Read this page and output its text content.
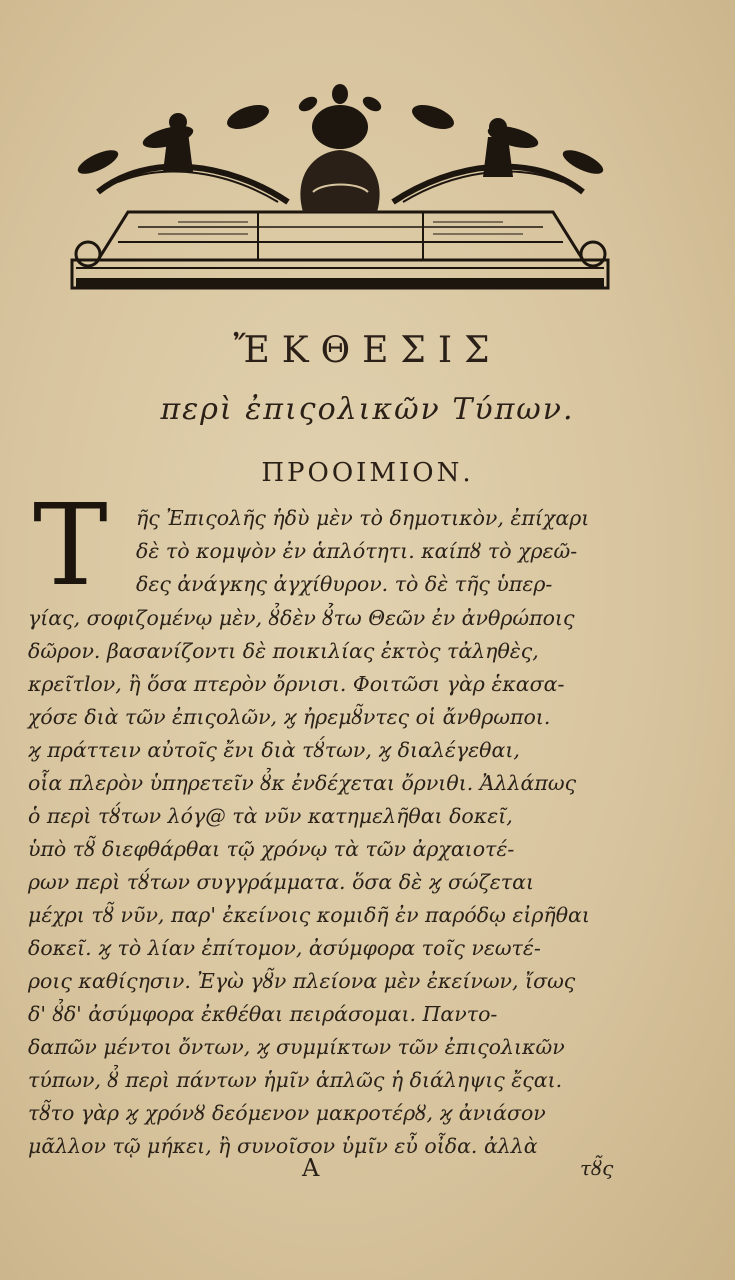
ἜΚΘΕΣΙΣ
περὶ ἐπιςολικῶν Τύπων.
ΠΡΟΟΙΜΙΟΝ.
T ῆς Ἐπιςολῆς ἡδὺ μὲν τὸ δημοτικὸν, ἐπίχαρι
δὲ τὸ κομψὸν ἐν ἁπλότητι. καίπȣ τὸ χρεῶ-
δες ἀνάγκης ἀγχίθυρον. τὸ δὲ τῆς ὑπερ-
γίας, σοφιζομένῳ μὲν, ȣ̉δὲν ȣ̉́τω Θεῶν ἐν ἀνθρώποις
δῶρον. βασανίζοντι δὲ ποικιλίας ἐκτὸς τἀληθὲς,
κρεῖτlον, ἢ ὅσα πτερὸν ὄρνισι. Φοιτῶσι γὰρ ἑκασα-
χόσε διὰ τῶν ἐπιςολῶν, ϗ ἠρεμȣ̃ντες οἱ ἄνθρωποι.
ϗ πράττειν αὐτοῖς ἔνι διὰ τȣ́των, ϗ διαλέγεθαι,
οἷα πλερὸν ὑπηρετεῖν ȣ̉κ ἐνδέχεται ὄρνιθι. Ἀλλάπως
ὁ περὶ τȣ́των λόγ@ τὰ νῦν κατημελῆθαι δοκεῖ,
ὑπὸ τȣ̃ διεφθάρθαι τῷ χρόνῳ τὰ τῶν ἀρχαιοτέ-
ρων περὶ τȣ́των συγγράμματα. ὅσα δὲ ϗ σώζεται
μέχρι τȣ̃ νῦν, παρ' ἐκείνοις κομιδῆ ἐν παρόδῳ εἰρῆθαι
δοκεῖ. ϗ τὸ λίαν ἐπίτομον, ἀσύμφορα τοῖς νεωτέ-
ροις καθίςησιν. Ἐγὼ γȣ̃ν πλείονα μὲν ἐκείνων, ἴσως
δ' ȣ̉δ' ἀσύμφορα ἐκθέθαι πειράσομαι. Παντο-
δαπῶν μέντοι ὄντων, ϗ συμμίκτων τῶν ἐπιςολικῶν
τύπων, ȣ̉ περὶ πάντων ἡμῖν ἁπλῶς ἡ διάληψις ἔςαι.
τȣ̃το γὰρ ϗ χρόνȣ δεόμενον μακροτέρȣ, ϗ ἀνιάσον
μᾶλλον τῷ μήκει, ἢ συνοῖσον ὑμῖν εὖ οἶδα. ἀλλὰ
A	τȣ̃ς
